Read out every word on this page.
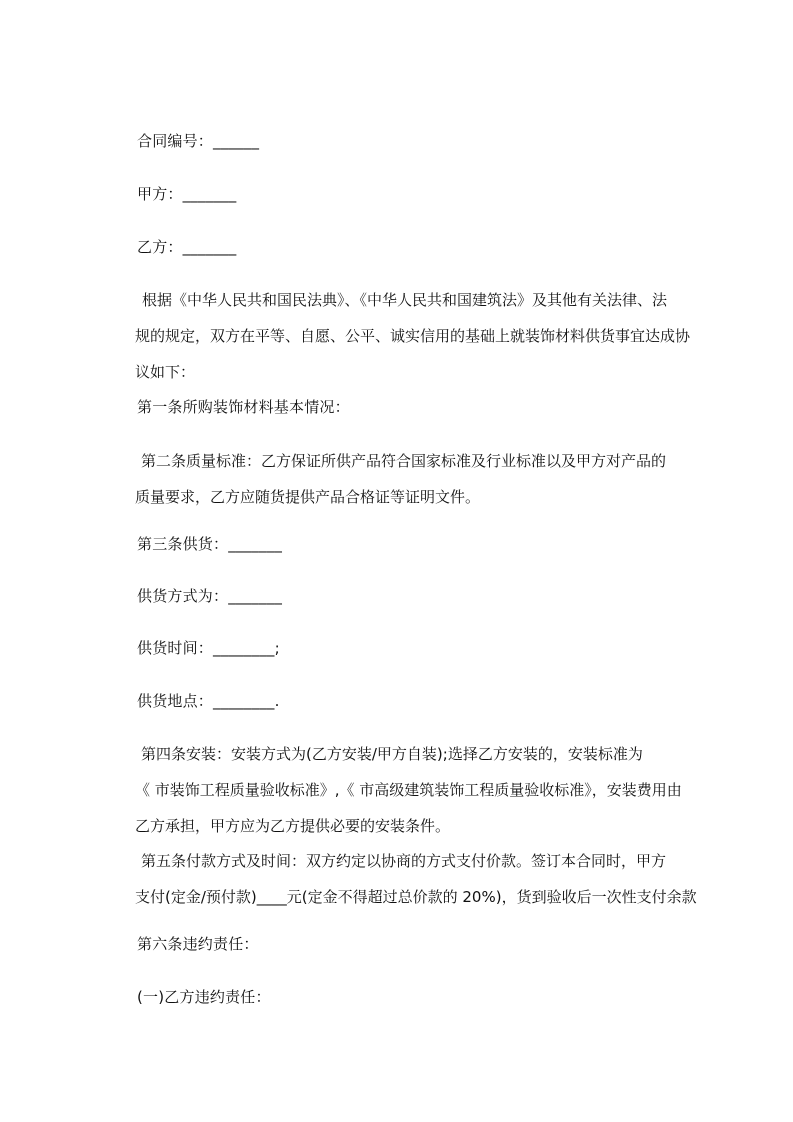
合同编号：______
甲方：_______
乙方：_______
根据《中华人民共和国民法典》、《中华人民共和国建筑法》及其他有关法律、法
规的规定，双方在平等、自愿、公平、诚实信用的基础上就装饰材料供货事宜达成协
议如下：
第一条所购装饰材料基本情况：
第二条质量标准：乙方保证所供产品符合国家标准及行业标准以及甲方对产品的
质量要求，乙方应随货提供产品合格证等证明文件。
第三条供货：_______
供货方式为：_______
供货时间：________;
供货地点：________.
第四条安装：安装方式为(乙方安装/甲方自装);选择乙方安装的，安装标准为
《 市装饰工程质量验收标准》,《 市高级建筑装饰工程质量验收标准》，安装费用由
乙方承担，甲方应为乙方提供必要的安装条件。
第五条付款方式及时间：双方约定以协商的方式支付价款。签订本合同时，甲方
支付(定金/预付款)____元(定金不得超过总价款的 20%)，货到验收后一次性支付余款
第六条违约责任：
(一)乙方违约责任：
